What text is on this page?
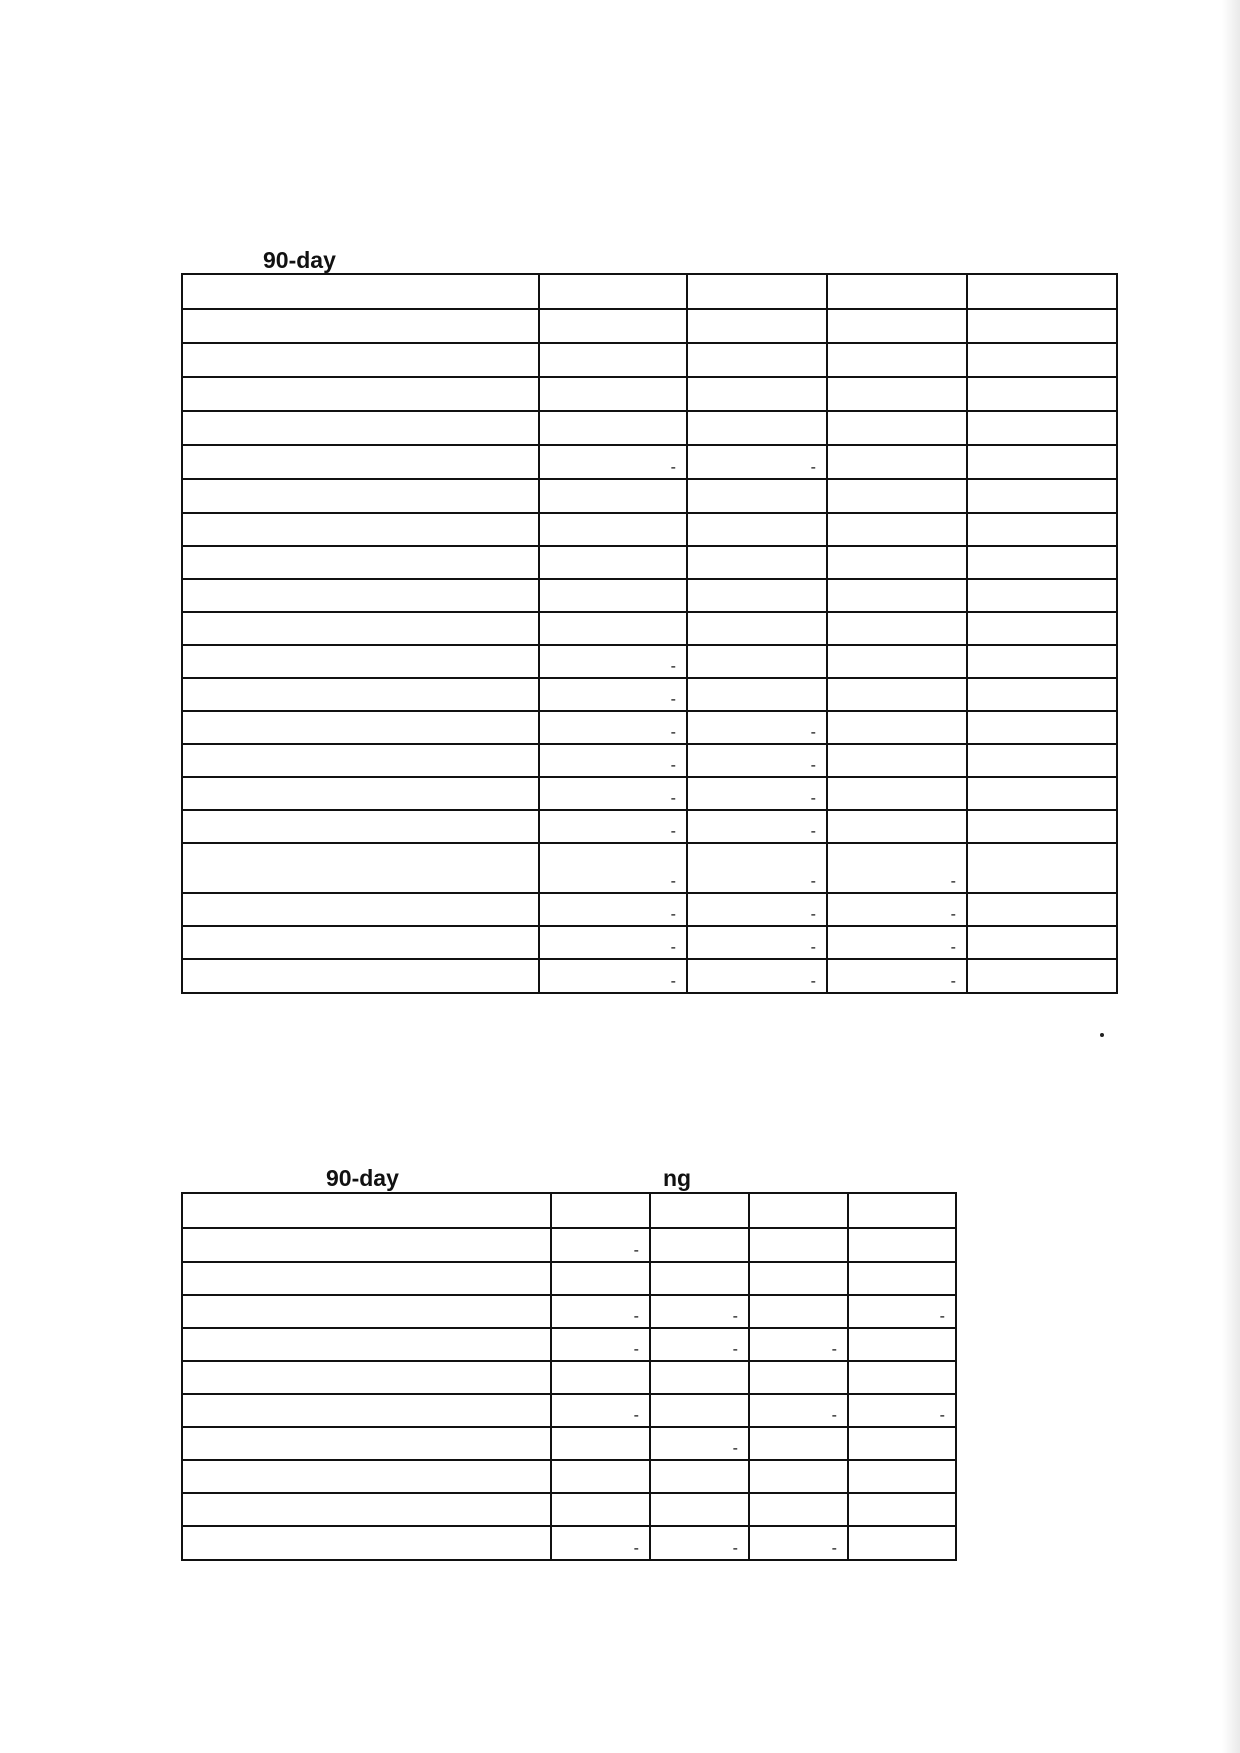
90-day

	-	-		

	-			
	-			
	-	-		
	-	-		
	-	-		
	-	-		
	-	-	-	
	-	-	-	
	-	-	-	
	-	-	-	
90-day	ng

	-			

	-	-		-
	-	-	-	

	-		-	-
		-		

	-	-	-	
